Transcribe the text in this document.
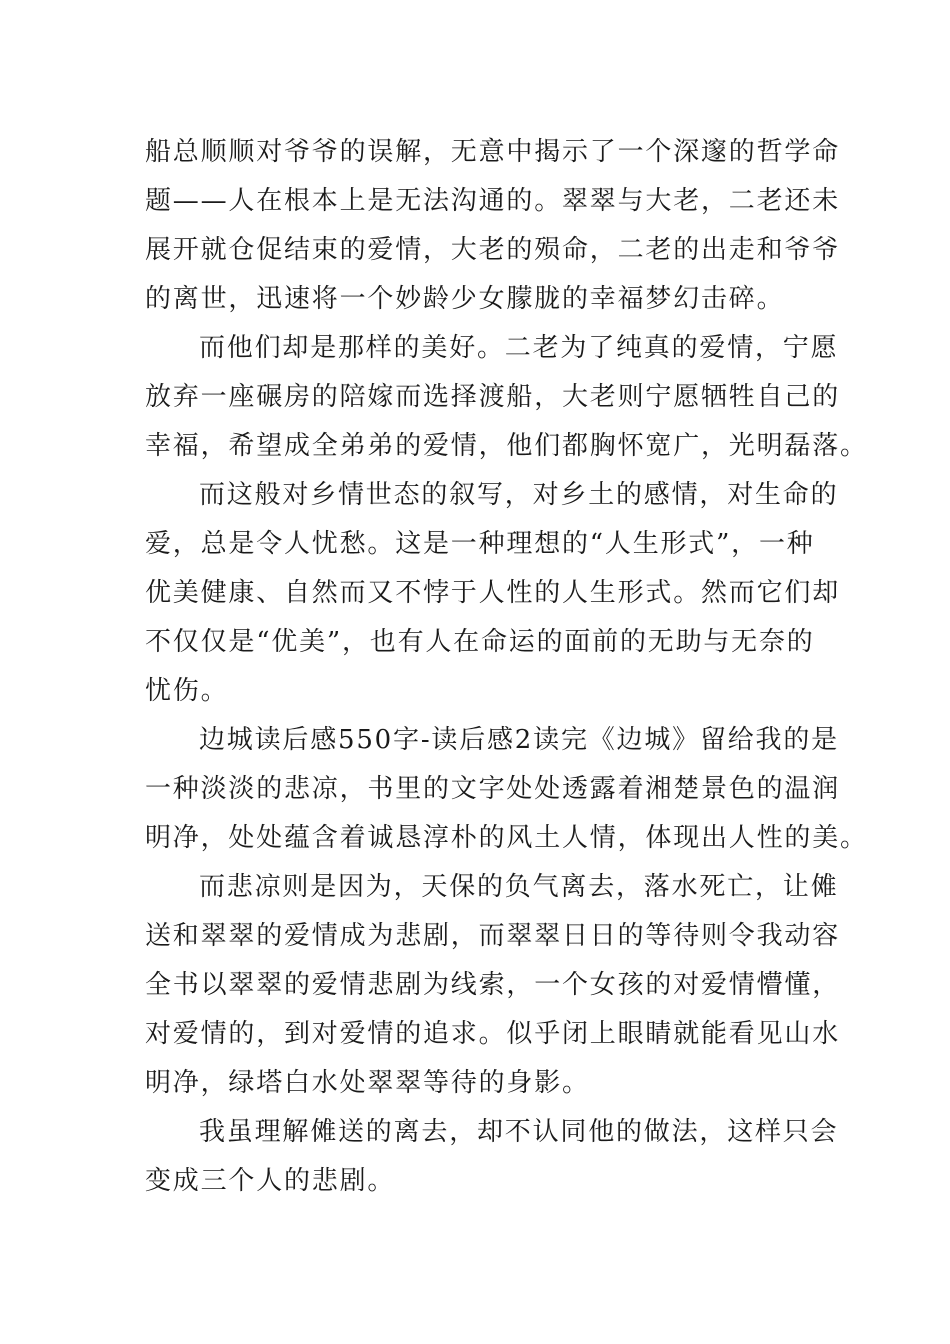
船总顺顺对爷爷的误解，无意中揭示了一个深邃的哲学命
题——人在根本上是无法沟通的。翠翠与大老，二老还未
展开就仓促结束的爱情，大老的殒命，二老的出走和爷爷
的离世，迅速将一个妙龄少女朦胧的幸福梦幻击碎。
而他们却是那样的美好。二老为了纯真的爱情，宁愿
放弃一座碾房的陪嫁而选择渡船，大老则宁愿牺牲自己的
幸福，希望成全弟弟的爱情，他们都胸怀宽广，光明磊落。
而这般对乡情世态的叙写，对乡土的感情，对生命的
爱，总是令人忧愁。这是一种理想的“人生形式”，一种
优美健康、自然而又不悖于人性的人生形式。然而它们却
不仅仅是“优美”，也有人在命运的面前的无助与无奈的
忧伤。
边城读后感550字-读后感2读完《边城》留给我的是
一种淡淡的悲凉，书里的文字处处透露着湘楚景色的温润
明净，处处蕴含着诚恳淳朴的风土人情，体现出人性的美。
而悲凉则是因为，天保的负气离去，落水死亡，让傩
送和翠翠的爱情成为悲剧，而翠翠日日的等待则令我动容
全书以翠翠的爱情悲剧为线索，一个女孩的对爱情懵懂，
对爱情的，到对爱情的追求。似乎闭上眼睛就能看见山水
明净，绿塔白水处翠翠等待的身影。
我虽理解傩送的离去，却不认同他的做法，这样只会
变成三个人的悲剧。
